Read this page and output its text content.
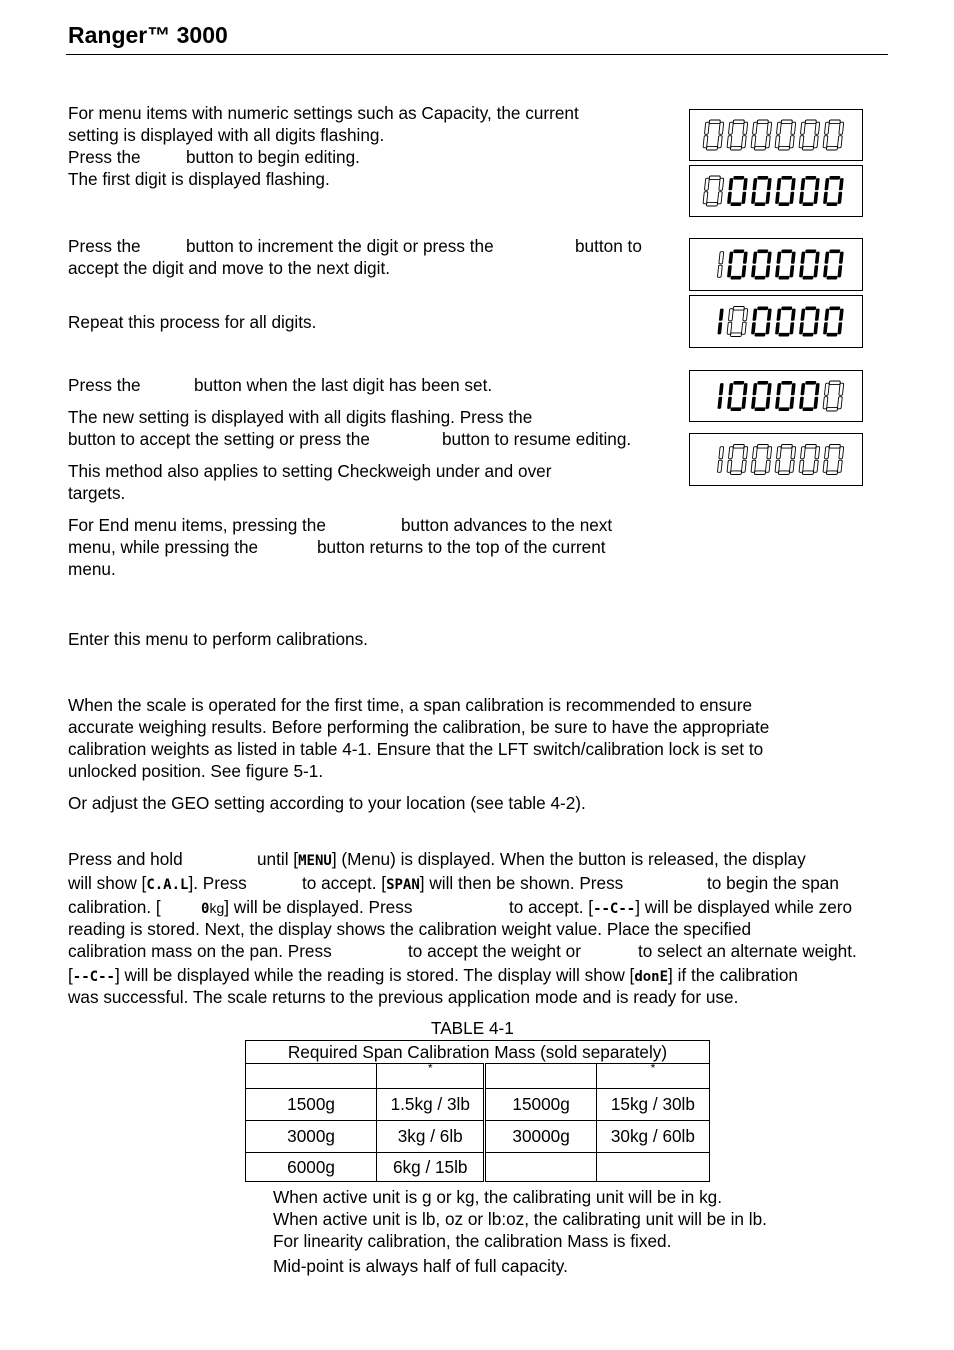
Ranger™ 3000
For menu items with numeric settings such as Capacity, the current
setting is displayed with all digits flashing.
Press the	button to begin editing.
The first digit is displayed flashing.
Press the	button to increment the digit or press the	button to
accept the digit and move to the next digit.
Repeat this process for all digits.
Press the	button when the last digit has been set.
The new setting is displayed with all digits flashing. Press the
button to accept the setting or press the	button to resume editing.
This method also applies to setting Checkweigh under and over
targets.
For End menu items, pressing the	button advances to the next
menu, while pressing the	button returns to the top of the current
menu.
Enter this menu to perform calibrations.
When the scale is operated for the first time, a span calibration is recommended to ensure
accurate weighing results. Before performing the calibration, be sure to have the appropriate
calibration weights as listed in table 4-1. Ensure that the LFT switch/calibration lock is set to
unlocked position. See figure 5-1.
Or adjust the GEO setting according to your location (see table 4-2).
Press and hold	until [MENU] (Menu) is displayed. When the button is released, the display
will show [C.A.L]. Press	to accept. [SPAN] will then be shown. Press	to begin the span
calibration. [	0kg] will be displayed. Press	to accept. [--C--] will be displayed while zero
reading is stored. Next, the display shows the calibration weight value. Place the specified
calibration mass on the pan. Press	to accept the weight or	to select an alternate weight.
[--C--] will be displayed while the reading is stored. The display will show [donE] if the calibration
was successful. The scale returns to the previous application mode and is ready for use.
TABLE 4-1
Required Span Calibration Mass (sold separately)			
	*		*
1500g	1.5kg / 3lb	15000g	15kg / 30lb
3000g	3kg / 6lb	30000g	30kg / 60lb
6000g	6kg / 15lb		
When active unit is g or kg, the calibrating unit will be in kg.
When active unit is lb, oz or lb:oz, the calibrating unit will be in lb.
For linearity calibration, the calibration Mass is fixed.
Mid-point is always half of full capacity.
